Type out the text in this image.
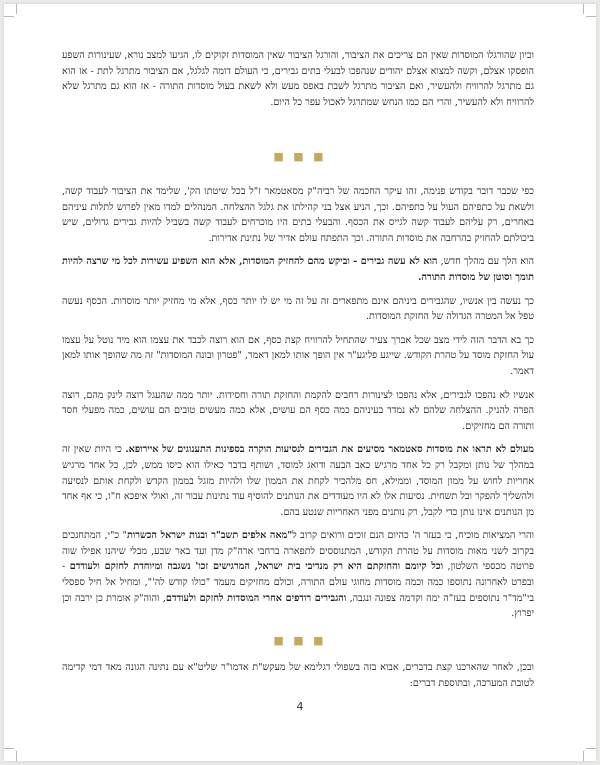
וכיון שהורגלו המוסדות שאין הם צריכים את הציבור, והורגל הציבור שאין המוסדות זקוקים לו, הגיעו למצב נורא, שעינורות השפע הופסקו אצלם, וקשה למצוא אצלם יהודים שנהפכו לבעלי בתים גבירים, כי העולם דומה לגלגל, אם הציבור מתרגל לתת - אז הוא גם מתרגל להרוויח ולהעשיר, ואם הציבור מתרגל לשבת באפס מעש ולא לשאת בעול מוסדות התורה - אז הוא גם מתרגל שלא להרוויח ולא להעשיר, והרי הם כמו הנחש שמתרגל לאכול עפר כל היום.

■ ■ ■

כפי שכבר דובר בקודש פנימה, זהו עיקר החכמה של רביה"ק מסאטמאר ז"ל בכל שיטתו הק', שלימד את הציבור לעבוד קשה, ולשאת על כתפיהם העול על כתפיהם. וכך, הניע אצל בני קהילתו את גלגל ההצלחה. המנהלים למדו מאין לפרוש לתלות עיניהם באחרים, רק עליהם לעבוד קשה לגייס את הכסף. והבעלי בתים היו מוכרחים לעבוד קשה בשביל להיות גבירים גדולים, שיש ביכולתם להחזיק בהרחבה את מוסדות התורה. וכך התפתח עולם אדיר של נתינת אדירות.

הוא הלך עם מהלך חדש, הוא לא עשה גבירים - וביקש מהם להחזיק המוסדות, אלא הוא השפיע עשירות לכל מי שרצה להיות תומך וסוטן של מוסדות התורה.

כך נעשה בין אנשיו, שהגבירים ביניהם אינם מתפארים זה על זה מי יש לו יותר כסף, אלא מי מחזיק יותר מוסדות. הכסף נעשה טפל אל המטרה הגדולה של החזקת המוסדות.

כך בא הדבר הזה לידי מצב שכל אברך צעיר שהתחיל להרוויח קצת כסף, אם הוא רוצה לכבד את עצמו הוא מיד נוטל על עצמו עול החזקת מוסד על טהרת הקודש. שייגע פליגע"ר אין הופך אותו למאן דאמר, "פטרון ובונה המוסדות" זה מה שהופך אותו למאן דאמר.

אנשיו לא נהפכו לגבירים, אלא נהפכו לצינורות רחבים להקמת והחזקת תורה וחסידות. יותר ממה שהעגל רוצה לינק מהם, רוצה הפרה להניק. ההצלחה שלהם לא נמדד בעיניהם כמה כסף הם עושים, אלא כמה מעשים טובים הם עושים, כמה מפעלי חסד ותורה הם מחזיקים.

מעולם לא תראו את מוסדות סאטמאר מסיעים את הגבירים לנסיעות הוקרה בספינות התענוגים של איירופא. כי היות שאין זה במהלך של נותן ומקבל רק כל אחד מרגיש כאב הבעה ודואג למוסד, ושותף בדבר כאילו הוא כיסו ממש, לכן, כל אחד מרגיש אחריות לחוש על ממון המוסד, וממילא, חס מלהכיר לקחת את הממון שלו ולהיות מזגל בממון הקדש ולקחת אותם לנסיעה ולהשליך להפקר ובל תשחית. נסיעות אלו לא היו מעודדים את הנותנים להוסיף עוד נתינות עבור זה, ואולי איפכא ח"ו, כי אף אחד מן הנותנים אינו נותן כדי לקבל, רק נותנים מפני האחריות שנטע בהם.

והרי המציאות מוכיח, כי בעזר ה' כהיום הנם זוכים ורואים קרוב ל"מאה אלפים תשב"ר ובנות ישראל הכשרות" כ"י, המתחנכים בקרוב לשני מאות מוסדות על טהרת הקודש, המתנוססים לתפארה ברחבי ארה"ק מדן ועד באר שבע, מבלי שיהנו אפילו שוה פרוטה מכספי השלטון, וכל קיומם והחזקתם היא רק מנדיבי בית ישראל, המרגישים זכו' נשגבה ומיוחדת לחזקם ולעודדם - ובפרט לאחרונה נתוספו כמה וכמה מוסדות מחוגי עולם התורה, וכולם מחזיקים מעמד "כולו קודש לה'", ומחיל אל חיל ספסלי בי"מד"ר נתוספים בעז"ה ימה וקדמה צפונה ונגבה, והגבירים רודפים אחרי המוסדות לחזקם ולעודדם, והוה"ק אומרת כן ירבה וכן יפרוץ.

■ ■ ■

ובכן, לאחר שהארכנו קצת בדברים, אבוא בזה בשפולי דגלימא של מעקש"ת אדמו"ר שליט"א עם נתינה הגונה מאד דמי קדימה לטובת המערכה, ובתוספת דברים:

4
